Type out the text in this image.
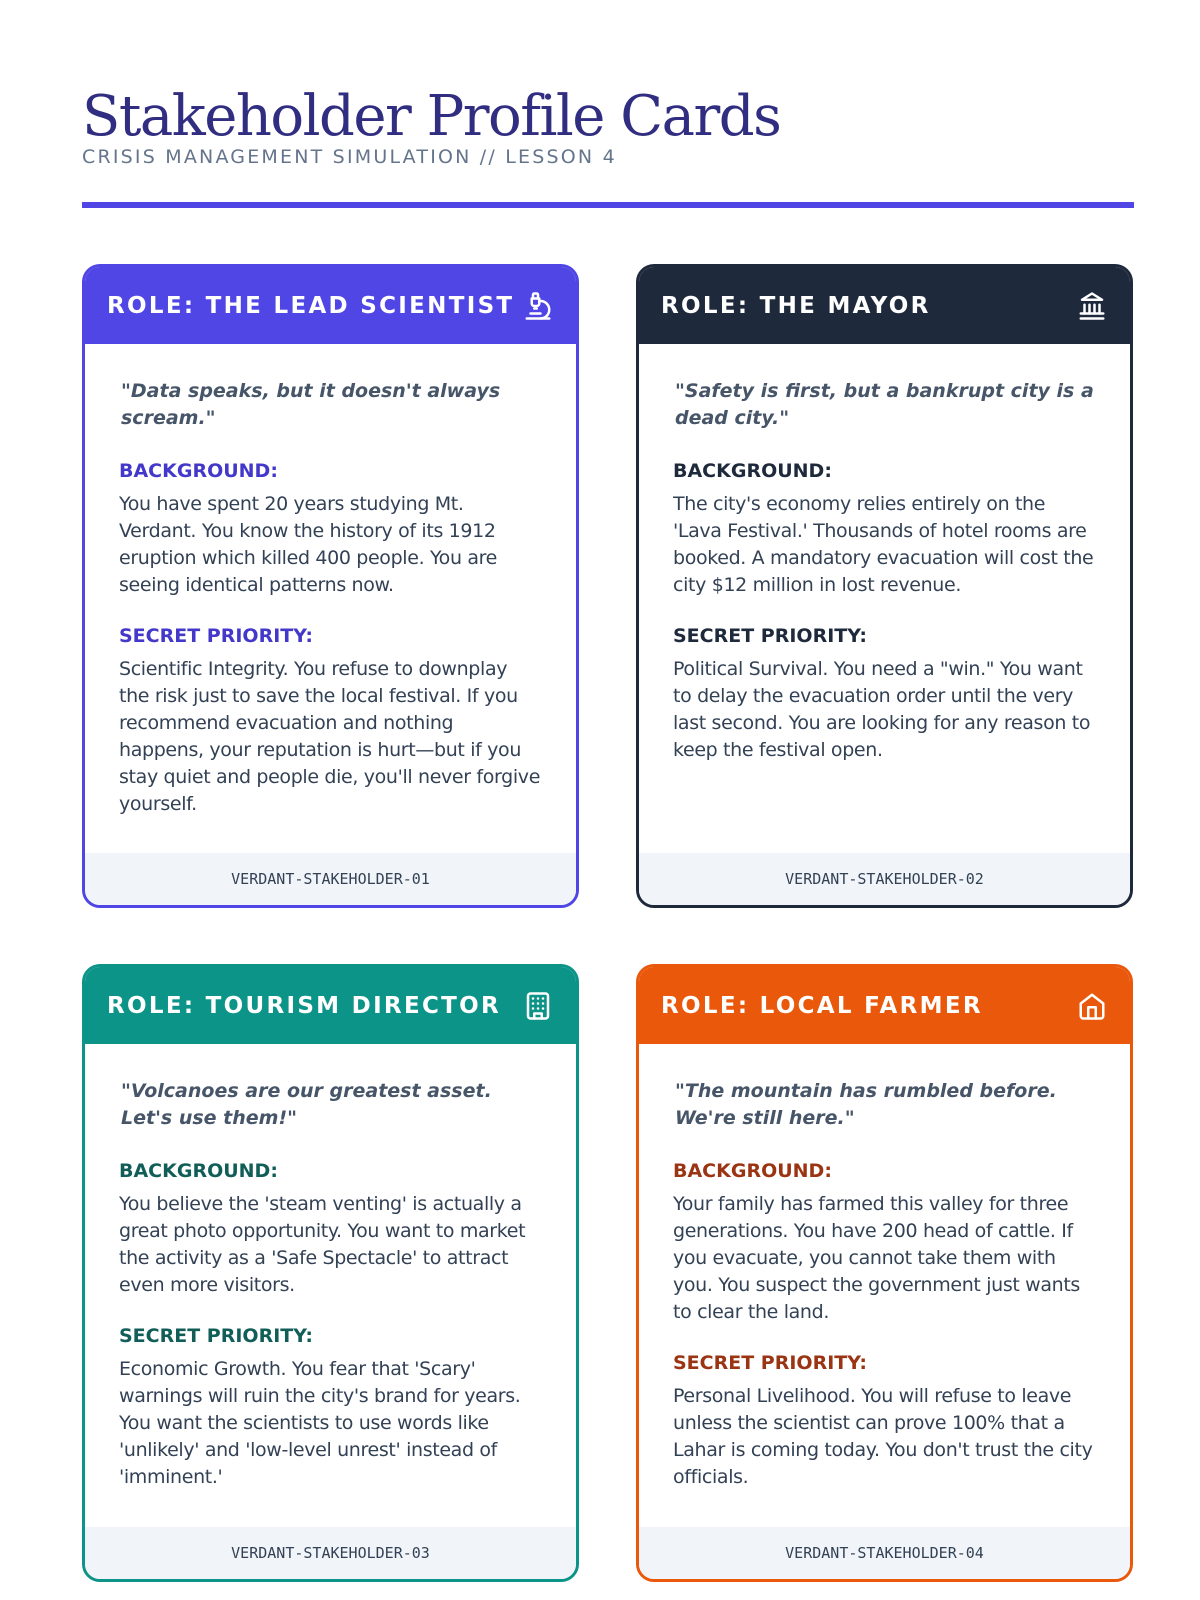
Stakeholder Profile Cards
CRISIS MANAGEMENT SIMULATION // LESSON 4
ROLE: THE LEAD SCIENTIST

"Data speaks, but it doesn't always scream."

BACKGROUND:

You have spent 20 years studying Mt. Verdant. You know the history of its 1912 eruption which killed 400 people. You are seeing identical patterns now.

SECRET PRIORITY:

Scientific Integrity. You refuse to downplay the risk just to save the local festival. If you recommend evacuation and nothing happens, your reputation is hurt—but if you stay quiet and people die, you'll never forgive yourself.

VERDANT-STAKEHOLDER-01
ROLE: THE MAYOR

"Safety is first, but a bankrupt city is a dead city."

BACKGROUND:

The city's economy relies entirely on the 'Lava Festival.' Thousands of hotel rooms are booked. A mandatory evacuation will cost the city $12 million in lost revenue.

SECRET PRIORITY:

Political Survival. You need a "win." You want to delay the evacuation order until the very last second. You are looking for any reason to keep the festival open.

VERDANT-STAKEHOLDER-02
ROLE: TOURISM DIRECTOR

"Volcanoes are our greatest asset. Let's use them!"

BACKGROUND:

You believe the 'steam venting' is actually a great photo opportunity. You want to market the activity as a 'Safe Spectacle' to attract even more visitors.

SECRET PRIORITY:

Economic Growth. You fear that 'Scary' warnings will ruin the city's brand for years. You want the scientists to use words like 'unlikely' and 'low-level unrest' instead of 'imminent.'

VERDANT-STAKEHOLDER-03
ROLE: LOCAL FARMER

"The mountain has rumbled before. We're still here."

BACKGROUND:

Your family has farmed this valley for three generations. You have 200 head of cattle. If you evacuate, you cannot take them with you. You suspect the government just wants to clear the land.

SECRET PRIORITY:

Personal Livelihood. You will refuse to leave unless the scientist can prove 100% that a Lahar is coming today. You don't trust the city officials.

VERDANT-STAKEHOLDER-04
